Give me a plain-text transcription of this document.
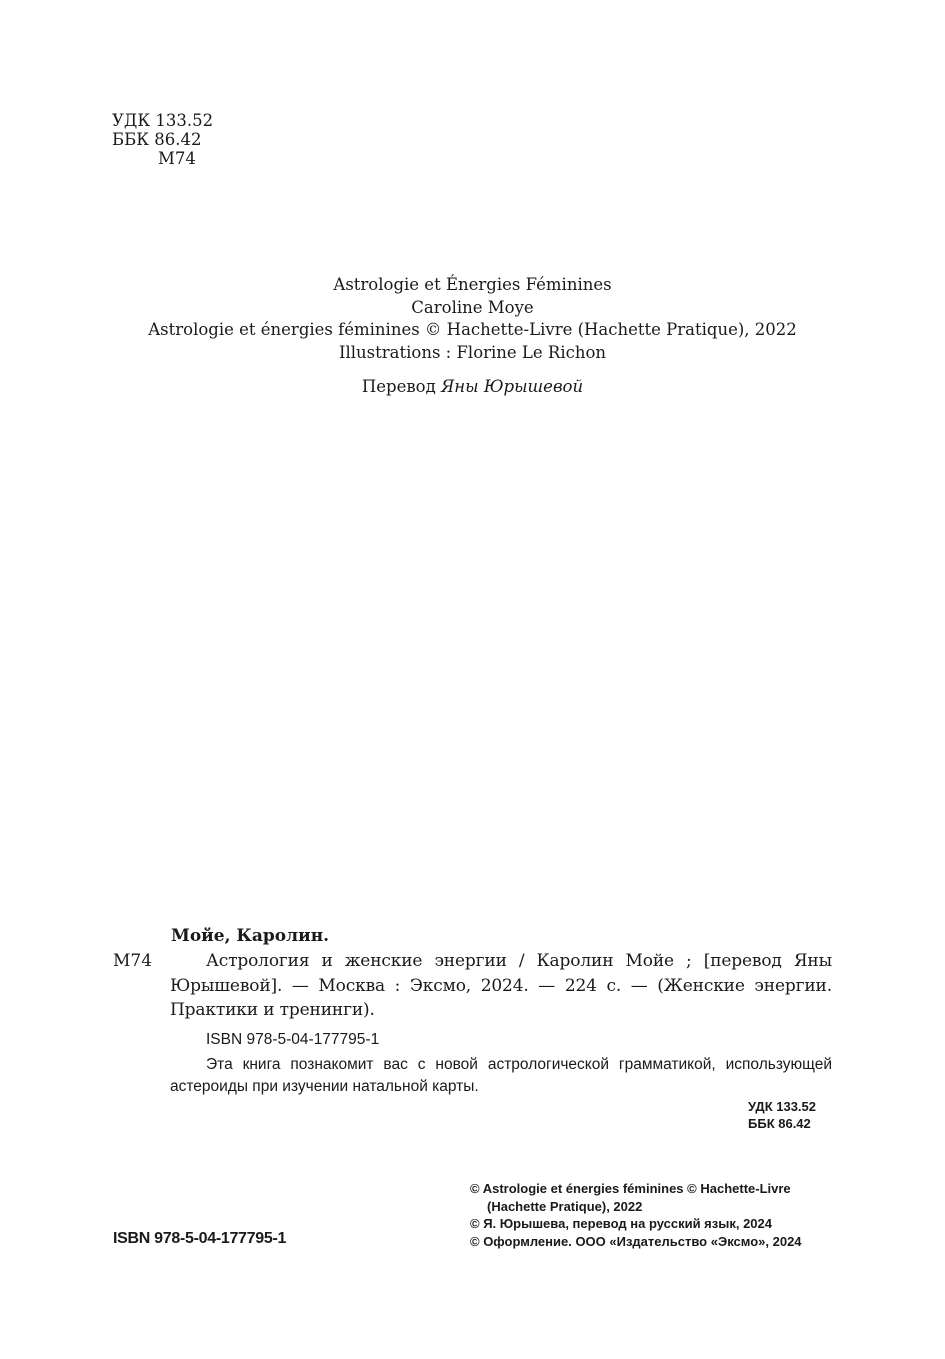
УДК 133.52
ББК 86.42
М74
Astrologie et Énergies Féminines
Caroline Moye
Astrologie et énergies féminines © Hachette-Livre (Hachette Pratique), 2022
Illustrations : Florine Le Richon
Перевод Яны Юрышевой
Мойе, Каролин.
М74	Астрология и женские энергии / Каролин Мойе ; [перевод Яны Юрышевой]. — Москва : Эксмо, 2024. — 224 с. — (Женские энергии. Практики и тренинги).
ISBN 978-5-04-177795-1
Эта книга познакомит вас с новой астрологической грамматикой, использующей астероиды при изучении натальной карты.
УДК 133.52
ББК 86.42
ISBN 978-5-04-177795-1
© Astrologie et énergies féminines © Hachette-Livre
(Hachette Pratique), 2022
© Я. Юрышева, перевод на русский язык, 2024
© Оформление. ООО «Издательство «Эксмо», 2024
